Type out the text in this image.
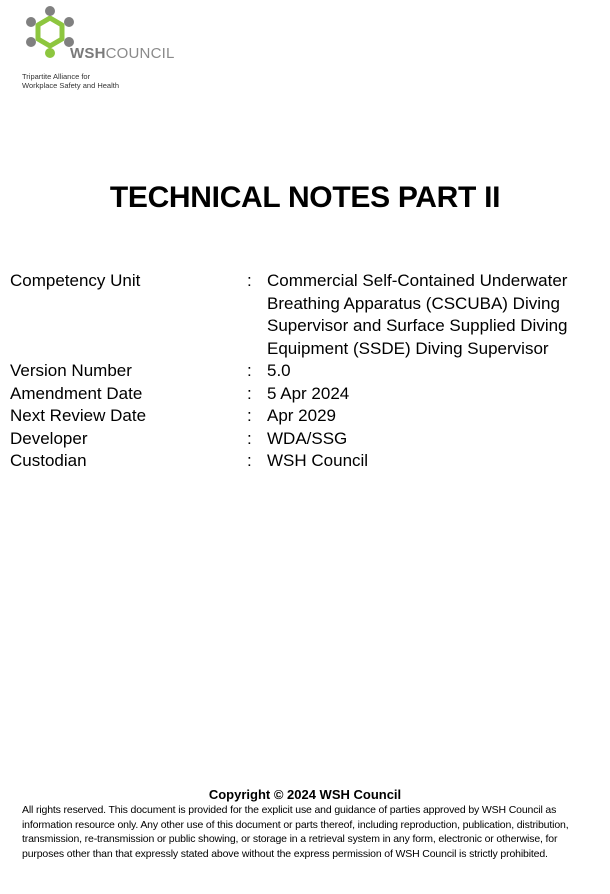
WSHCOUNCIL
Tripartite Alliance for
Workplace Safety and Health
TECHNICAL NOTES PART II
Competency Unit	: Commercial Self-Contained Underwater Breathing Apparatus (CSCUBA) Diving Supervisor and Surface Supplied Diving Equipment (SSDE) Diving Supervisor
Version Number	: 5.0
Amendment Date	: 5 Apr 2024
Next Review Date	: Apr 2029
Developer	: WDA/SSG
Custodian	: WSH Council
Copyright © 2024 WSH Council
All rights reserved. This document is provided for the explicit use and guidance of parties approved by WSH Council as information resource only. Any other use of this document or parts thereof, including reproduction, publication, distribution, transmission, re-transmission or public showing, or storage in a retrieval system in any form, electronic or otherwise, for purposes other than that expressly stated above without the express permission of WSH Council is strictly prohibited.
